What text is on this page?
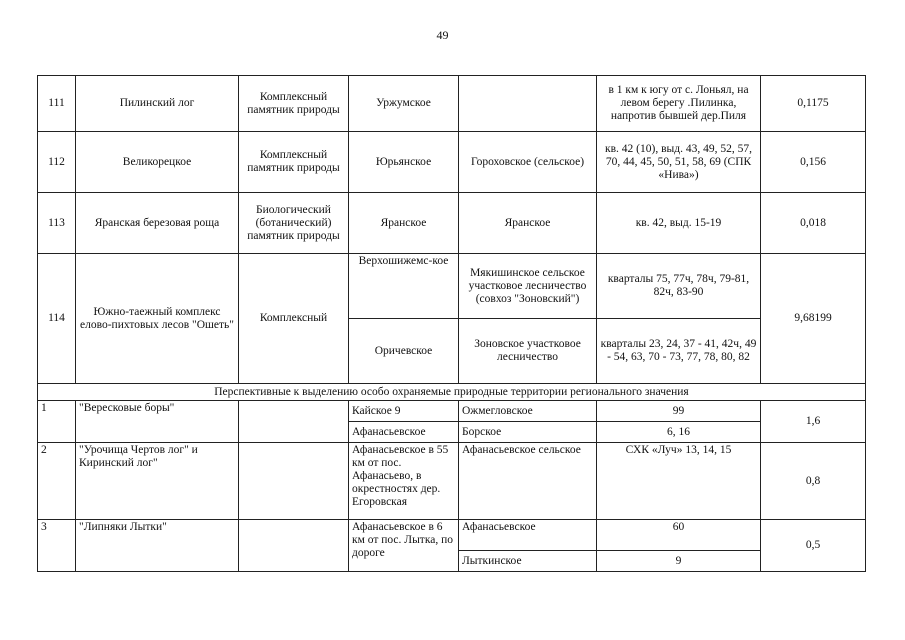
49
111	Пилинский лог	Комплексный памятник природы	Уржумское		в 1 км к югу от с. Лоньял, на левом берегу .Пилинка, напротив бывшей дер.Пиля	0,1175
112	Великорецкое	Комплексный памятник природы	Юрьянское	Гороховское (сельское)	кв. 42 (10), выд. 43, 49, 52, 57, 70, 44, 45, 50, 51, 58, 69 (СПК «Нива»)	0,156
113	Яранская березовая роща	Биологический (ботанический) памятник природы	Яранское	Яранское	кв. 42, выд. 15-19	0,018
114	Южно-таежный комплекс елово-пихтовых лесов "Ошеть"	Комплексный	Верхошижемс-кое	Мякишинское сельское участковое лесничество (совхоз "Зоновский")	кварталы 75, 77ч, 78ч, 79-81, 82ч, 83-90	9,68199
			Оричевское	Зоновское участковое лесничество	кварталы 23, 24, 37 - 41, 42ч, 49 - 54, 63, 70 - 73, 77, 78, 80, 82	
Перспективные к выделению особо охраняемые природные территории регионального значения						
1	"Вересковые боры"		Кайское 9	Ожмегловское	99	1,6
			Афанасьевское	Борское	6, 16	
2	"Урочища Чертов лог" и Киринский лог"		Афанасьевское в 55 км от пос. Афанасьево, в окрестностях дер. Егоровская	Афанасьевское сельское	СХК «Луч» 13, 14, 15	0,8
3	"Липняки Лытки"		Афанасьевское в 6 км от пос. Лытка, по дороге	Афанасьевское	60	0,5
				Лыткинское	9	
